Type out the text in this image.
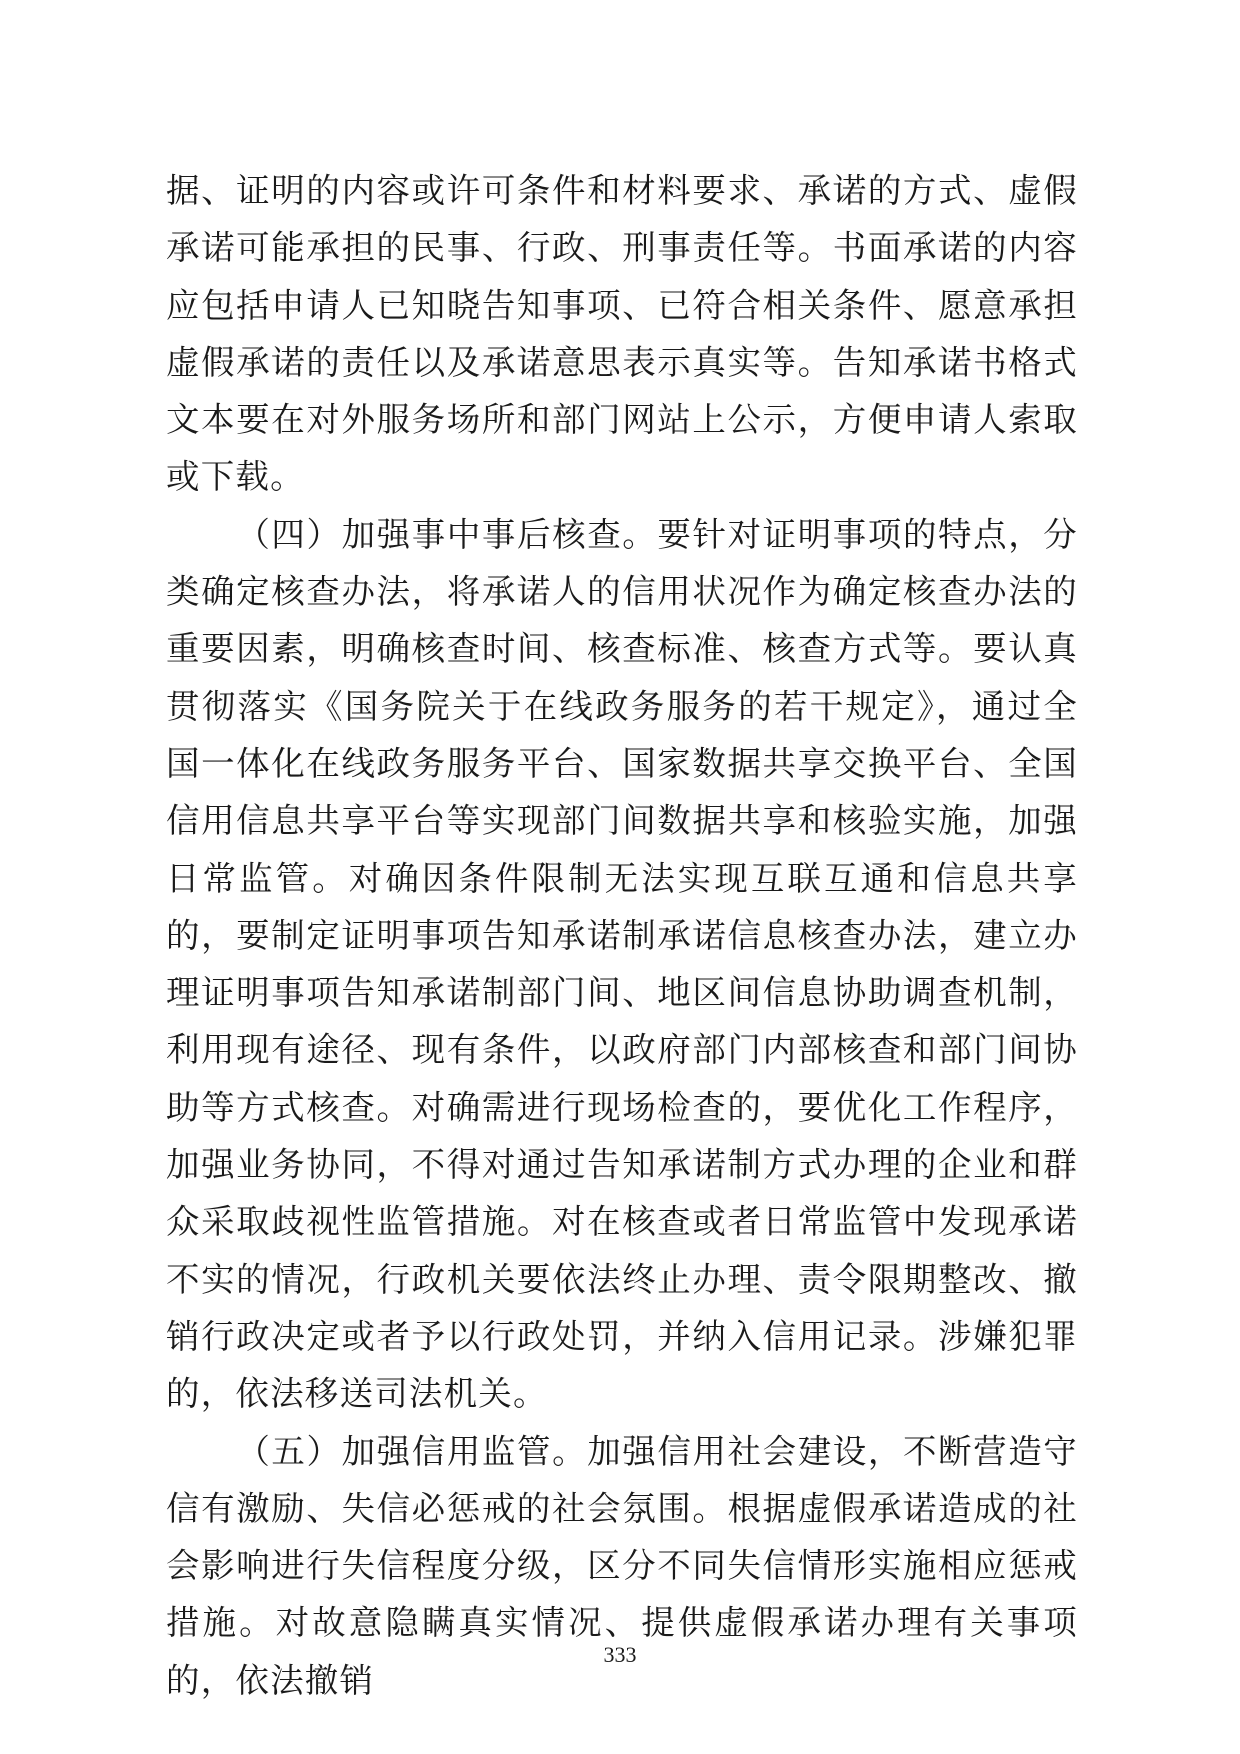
据、证明的内容或许可条件和材料要求、承诺的方式、虚假承诺可能承担的民事、行政、刑事责任等。书面承诺的内容应包括申请人已知晓告知事项、已符合相关条件、愿意承担虚假承诺的责任以及承诺意思表示真实等。告知承诺书格式文本要在对外服务场所和部门网站上公示，方便申请人索取或下载。

（四）加强事中事后核查。要针对证明事项的特点，分类确定核查办法，将承诺人的信用状况作为确定核查办法的重要因素，明确核查时间、核查标准、核查方式等。要认真贯彻落实《国务院关于在线政务服务的若干规定》，通过全国一体化在线政务服务平台、国家数据共享交换平台、全国信用信息共享平台等实现部门间数据共享和核验实施，加强日常监管。对确因条件限制无法实现互联互通和信息共享的，要制定证明事项告知承诺制承诺信息核查办法，建立办理证明事项告知承诺制部门间、地区间信息协助调查机制，利用现有途径、现有条件，以政府部门内部核查和部门间协助等方式核查。对确需进行现场检查的，要优化工作程序，加强业务协同，不得对通过告知承诺制方式办理的企业和群众采取歧视性监管措施。对在核查或者日常监管中发现承诺不实的情况，行政机关要依法终止办理、责令限期整改、撤销行政决定或者予以行政处罚，并纳入信用记录。涉嫌犯罪的，依法移送司法机关。

（五）加强信用监管。加强信用社会建设，不断营造守信有激励、失信必惩戒的社会氛围。根据虚假承诺造成的社会影响进行失信程度分级，区分不同失信情形实施相应惩戒措施。对故意隐瞒真实情况、提供虚假承诺办理有关事项的，依法撤销

333
